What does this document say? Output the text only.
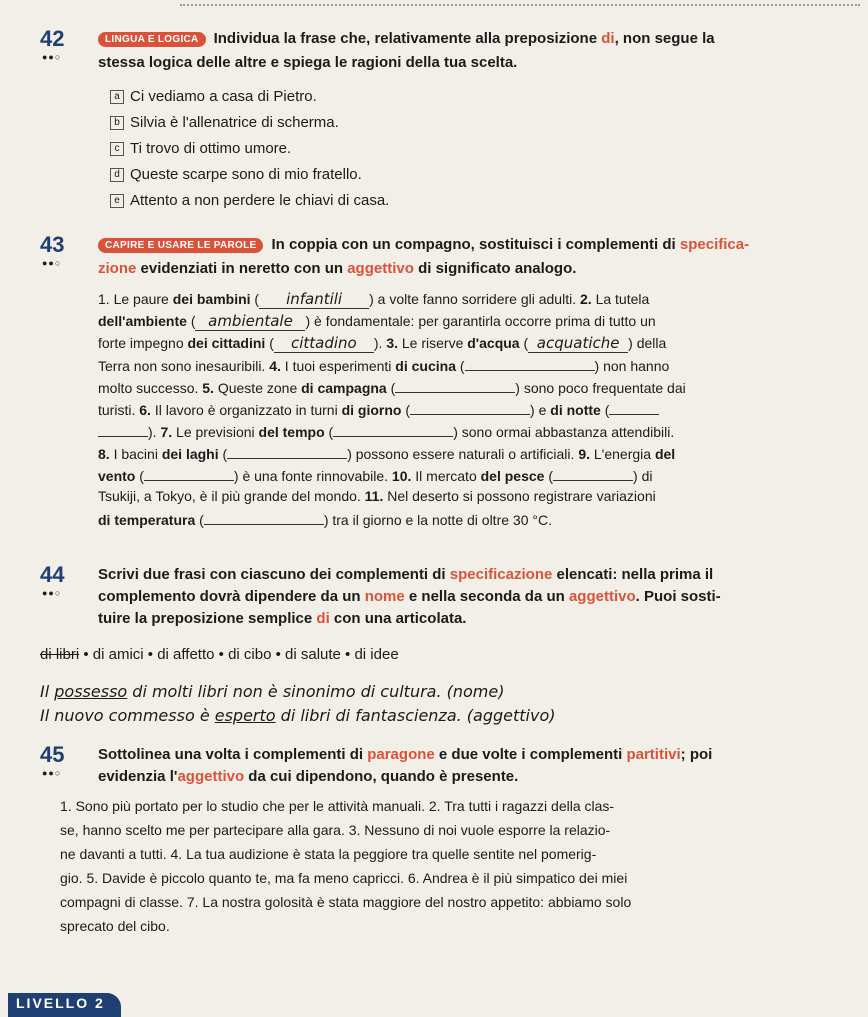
42
●●○
LINGUA E LOGICA Individua la frase che, relativamente alla preposizione di, non segue la
stessa logica delle altre e spiega le ragioni della tua scelta.
a Ci vediamo a casa di Pietro.
b Silvia è l'allenatrice di scherma.
c Ti trovo di ottimo umore.
d Queste scarpe sono di mio fratello.
e Attento a non perdere le chiavi di casa.
43
●●○
CAPIRE E USARE LE PAROLE In coppia con un compagno, sostituisci i complementi di specifica-
zione evidenziati in neretto con un aggettivo di significato analogo.
1. Le paure dei bambini ( infantili ) a volte fanno sorridere gli adulti. 2. La tutela
dell'ambiente ( ambientale ) è fondamentale: per garantirla occorre prima di tutto un
forte impegno dei cittadini ( cittadino ). 3. Le riserve d'acqua ( acquatiche ) della
Terra non sono inesauribili. 4. I tuoi esperimenti di cucina (	) non hanno
molto successo. 5. Queste zone di campagna (	) sono poco frequentate dai
turisti. 6. Il lavoro è organizzato in turni di giorno (	) e di notte (
). 7. Le previsioni del tempo (	) sono ormai abbastanza attendibili.
8. I bacini dei laghi (	) possono essere naturali o artificiali. 9. L'energia del
vento (	) è una fonte rinnovabile. 10. Il mercato del pesce (	) di
Tsukiji, a Tokyo, è il più grande del mondo. 11. Nel deserto si possono registrare variazioni
di temperatura (	) tra il giorno e la notte di oltre 30 °C.
44
●●○
Scrivi due frasi con ciascuno dei complementi di specificazione elencati: nella prima il
complemento dovrà dipendere da un nome e nella seconda da un aggettivo. Puoi sosti-
tuire la preposizione semplice di con una articolata.
di libri • di amici • di affetto • di cibo • di salute • di idee
Il possesso di molti libri non è sinonimo di cultura. (nome)
Il nuovo commesso è esperto di libri di fantascienza. (aggettivo)
45
●●○
Sottolinea una volta i complementi di paragone e due volte i complementi partitivi; poi
evidenzia l'aggettivo da cui dipendono, quando è presente.
1. Sono più portato per lo studio che per le attività manuali. 2. Tra tutti i ragazzi della clas-
se, hanno scelto me per partecipare alla gara. 3. Nessuno di noi vuole esporre la relazio-
ne davanti a tutti. 4. La tua audizione è stata la peggiore tra quelle sentite nel pomerig-
gio. 5. Davide è piccolo quanto te, ma fa meno capricci. 6. Andrea è il più simpatico dei miei
compagni di classe. 7. La nostra golosità è stata maggiore del nostro appetito: abbiamo solo
sprecato del cibo.
LIVELLO 2
